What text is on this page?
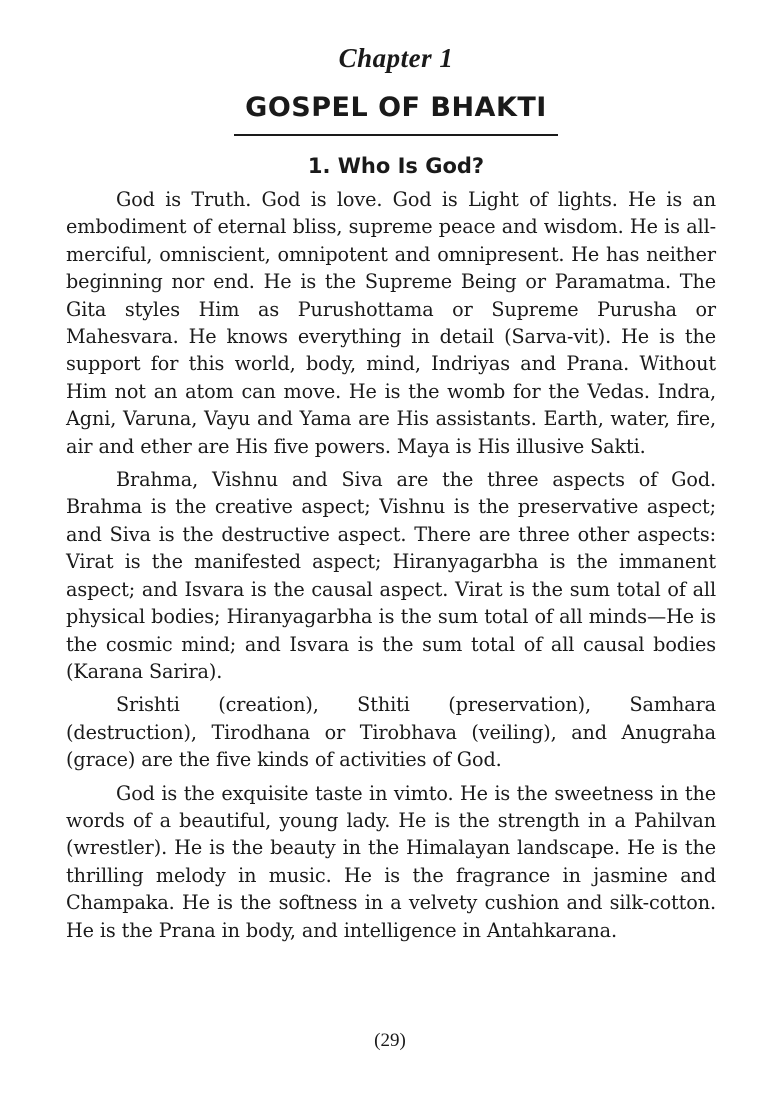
Chapter 1
GOSPEL OF BHAKTI
1. Who Is God?

God is Truth. God is love. God is Light of lights. He is an embodiment of eternal bliss, supreme peace and wisdom. He is all-merciful, omniscient, omnipotent and omnipresent. He has neither beginning nor end. He is the Supreme Being or Paramatma. The Gita styles Him as Purushottama or Supreme Purusha or Mahesvara. He knows everything in detail (Sarva-vit). He is the support for this world, body, mind, Indriyas and Prana. Without Him not an atom can move. He is the womb for the Vedas. Indra, Agni, Varuna, Vayu and Yama are His assistants. Earth, water, fire, air and ether are His five powers. Maya is His illusive Sakti.

Brahma, Vishnu and Siva are the three aspects of God. Brahma is the creative aspect; Vishnu is the preservative aspect; and Siva is the destructive aspect. There are three other aspects: Virat is the manifested aspect; Hiranyagarbha is the immanent aspect; and Isvara is the causal aspect. Virat is the sum total of all physical bodies; Hiranyagarbha is the sum total of all minds—He is the cosmic mind; and Isvara is the sum total of all causal bodies (Karana Sarira).

Srishti (creation), Sthiti (preservation), Samhara (destruction), Tirodhana or Tirobhava (veiling), and Anugraha (grace) are the five kinds of activities of God.

God is the exquisite taste in vimto. He is the sweetness in the words of a beautiful, young lady. He is the strength in a Pahilvan (wrestler). He is the beauty in the Himalayan landscape. He is the thrilling melody in music. He is the fragrance in jasmine and Champaka. He is the softness in a velvety cushion and silk-cotton. He is the Prana in body, and intelligence in Antahkarana.

(29)
